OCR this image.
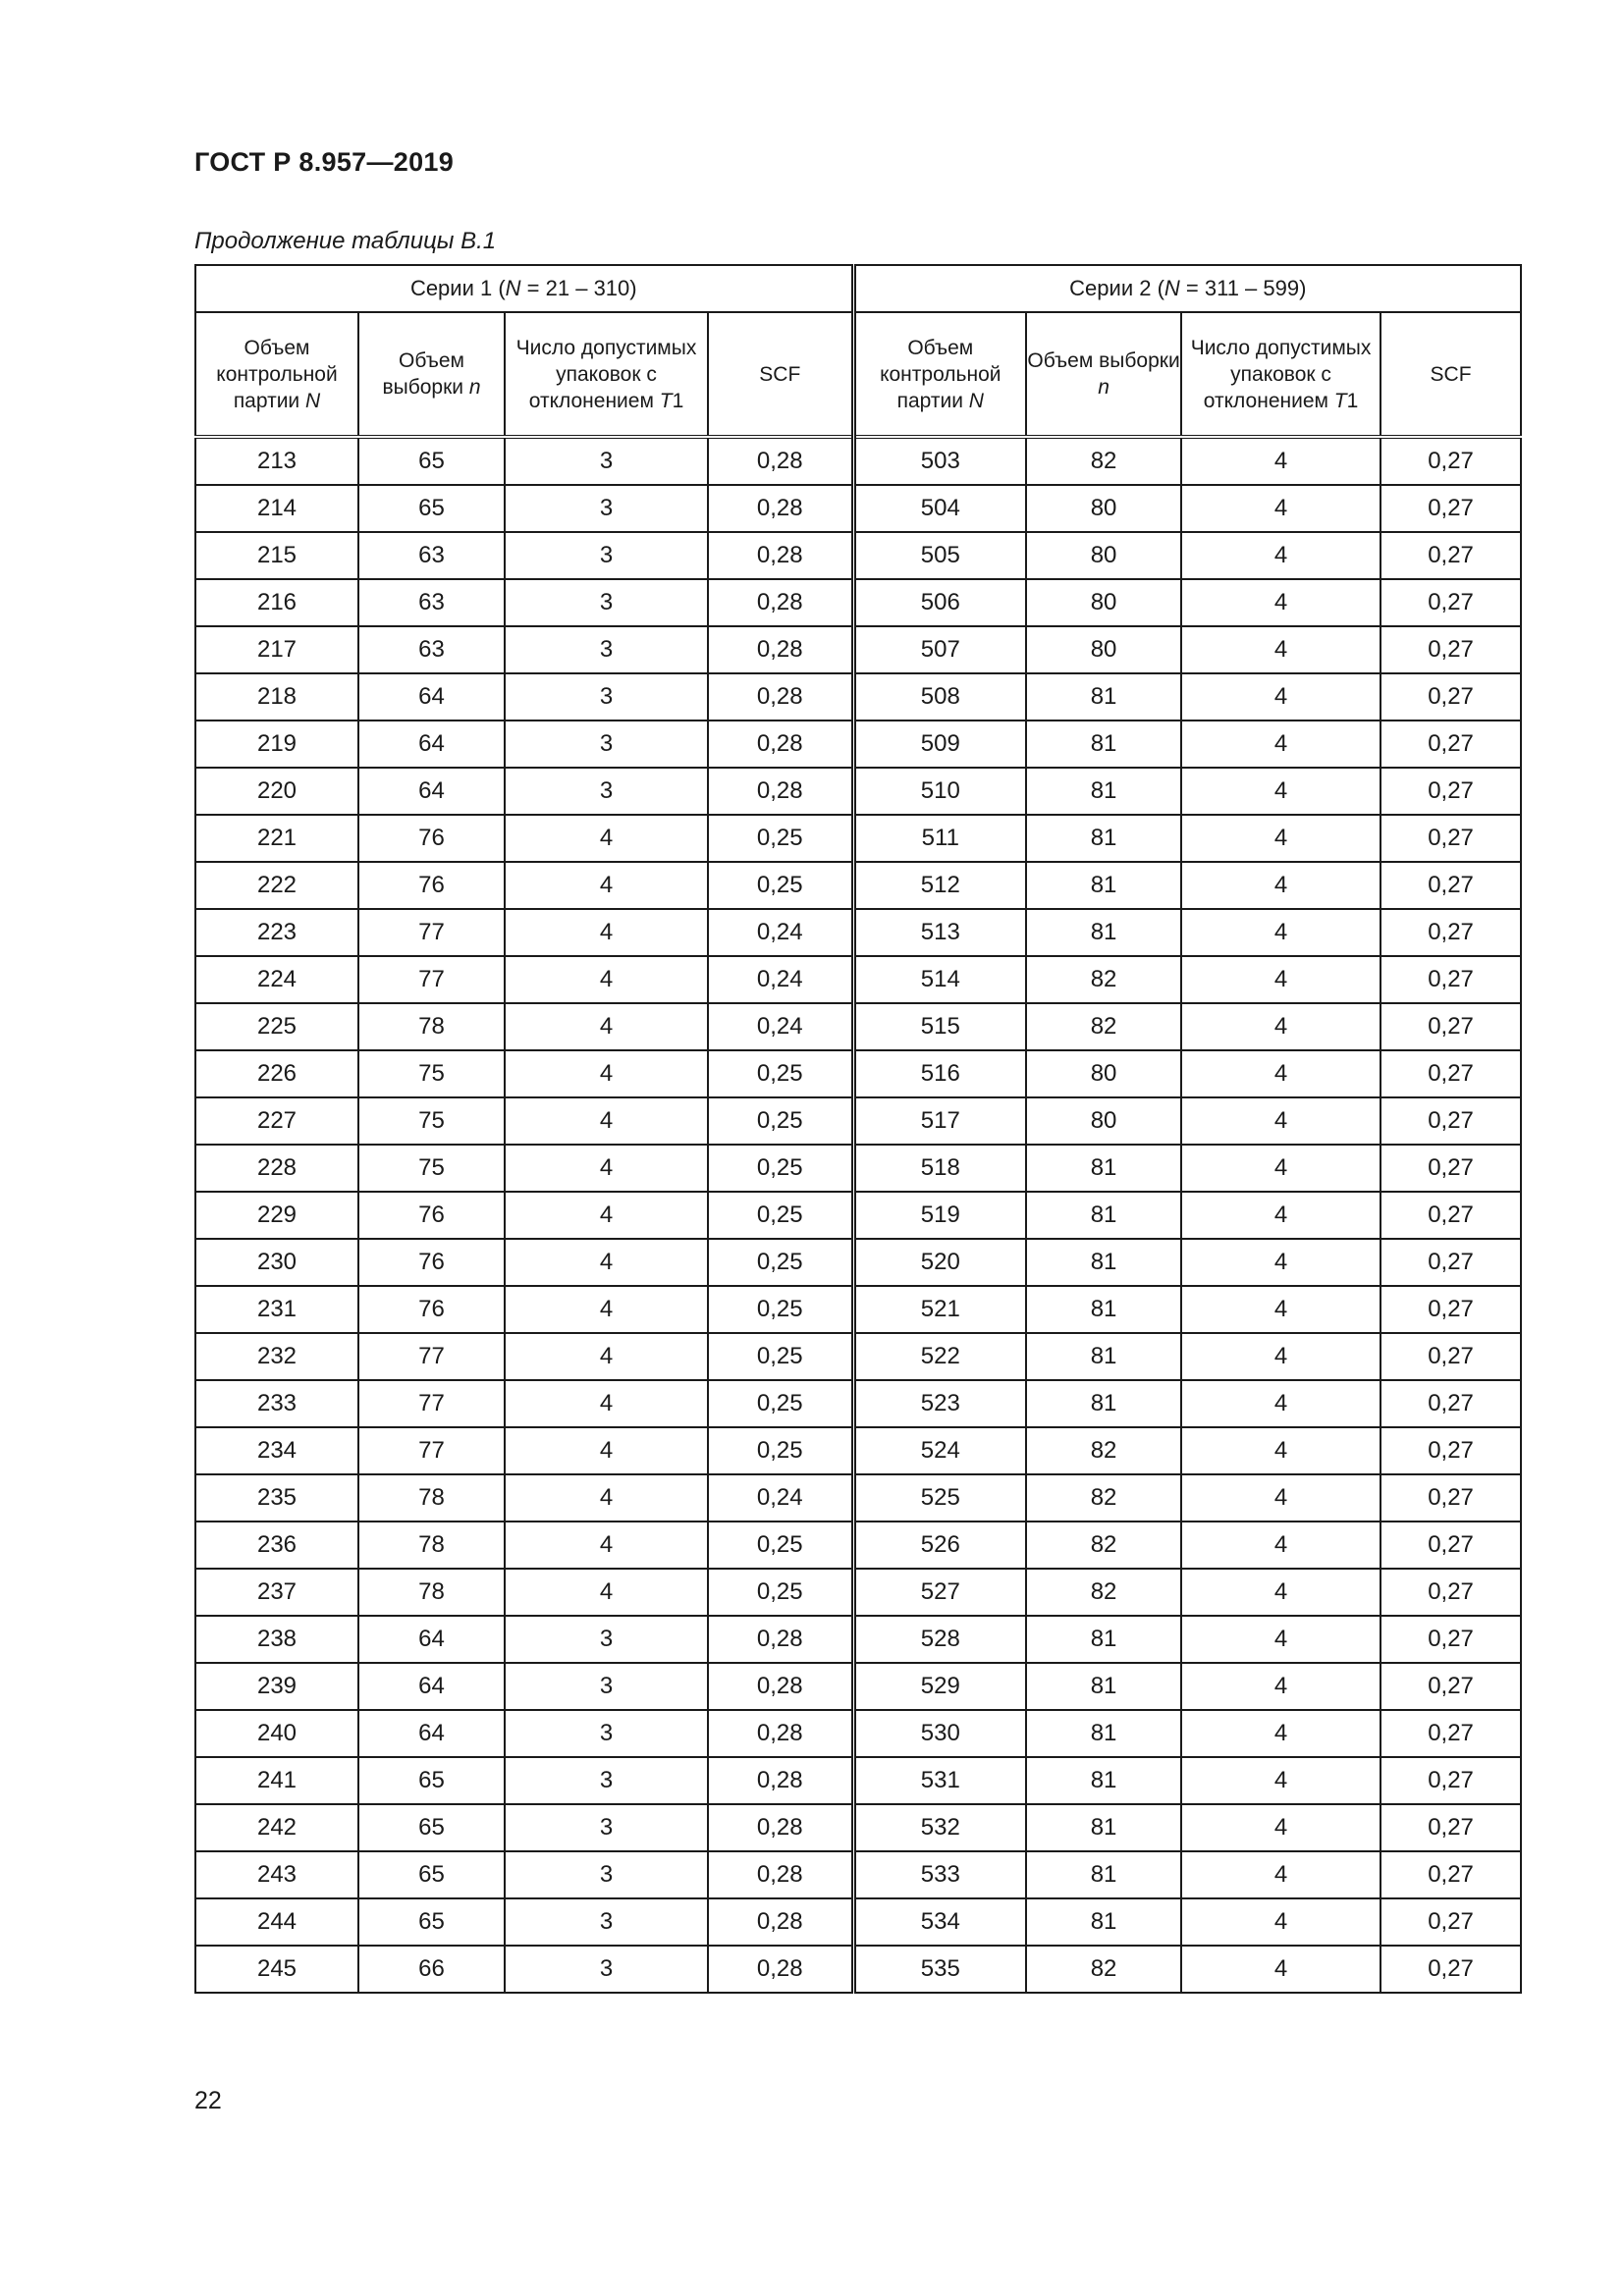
ГОСТ Р 8.957—2019
Продолжение таблицы В.1
Серии 1 (N = 21 – 310)				Серии 2 (N = 311 – 599)			
Объем контрольной партии N	Объем выборки n	Число допустимых упаковок с отклонением T1	SCF	Объем контрольной партии N	Объем выборки n	Число допустимых упаковок с отклонением T1	SCF
213	65	3	0,28	503	82	4	0,27
214	65	3	0,28	504	80	4	0,27
215	63	3	0,28	505	80	4	0,27
216	63	3	0,28	506	80	4	0,27
217	63	3	0,28	507	80	4	0,27
218	64	3	0,28	508	81	4	0,27
219	64	3	0,28	509	81	4	0,27
220	64	3	0,28	510	81	4	0,27
221	76	4	0,25	511	81	4	0,27
222	76	4	0,25	512	81	4	0,27
223	77	4	0,24	513	81	4	0,27
224	77	4	0,24	514	82	4	0,27
225	78	4	0,24	515	82	4	0,27
226	75	4	0,25	516	80	4	0,27
227	75	4	0,25	517	80	4	0,27
228	75	4	0,25	518	81	4	0,27
229	76	4	0,25	519	81	4	0,27
230	76	4	0,25	520	81	4	0,27
231	76	4	0,25	521	81	4	0,27
232	77	4	0,25	522	81	4	0,27
233	77	4	0,25	523	81	4	0,27
234	77	4	0,25	524	82	4	0,27
235	78	4	0,24	525	82	4	0,27
236	78	4	0,25	526	82	4	0,27
237	78	4	0,25	527	82	4	0,27
238	64	3	0,28	528	81	4	0,27
239	64	3	0,28	529	81	4	0,27
240	64	3	0,28	530	81	4	0,27
241	65	3	0,28	531	81	4	0,27
242	65	3	0,28	532	81	4	0,27
243	65	3	0,28	533	81	4	0,27
244	65	3	0,28	534	81	4	0,27
245	66	3	0,28	535	82	4	0,27
22
